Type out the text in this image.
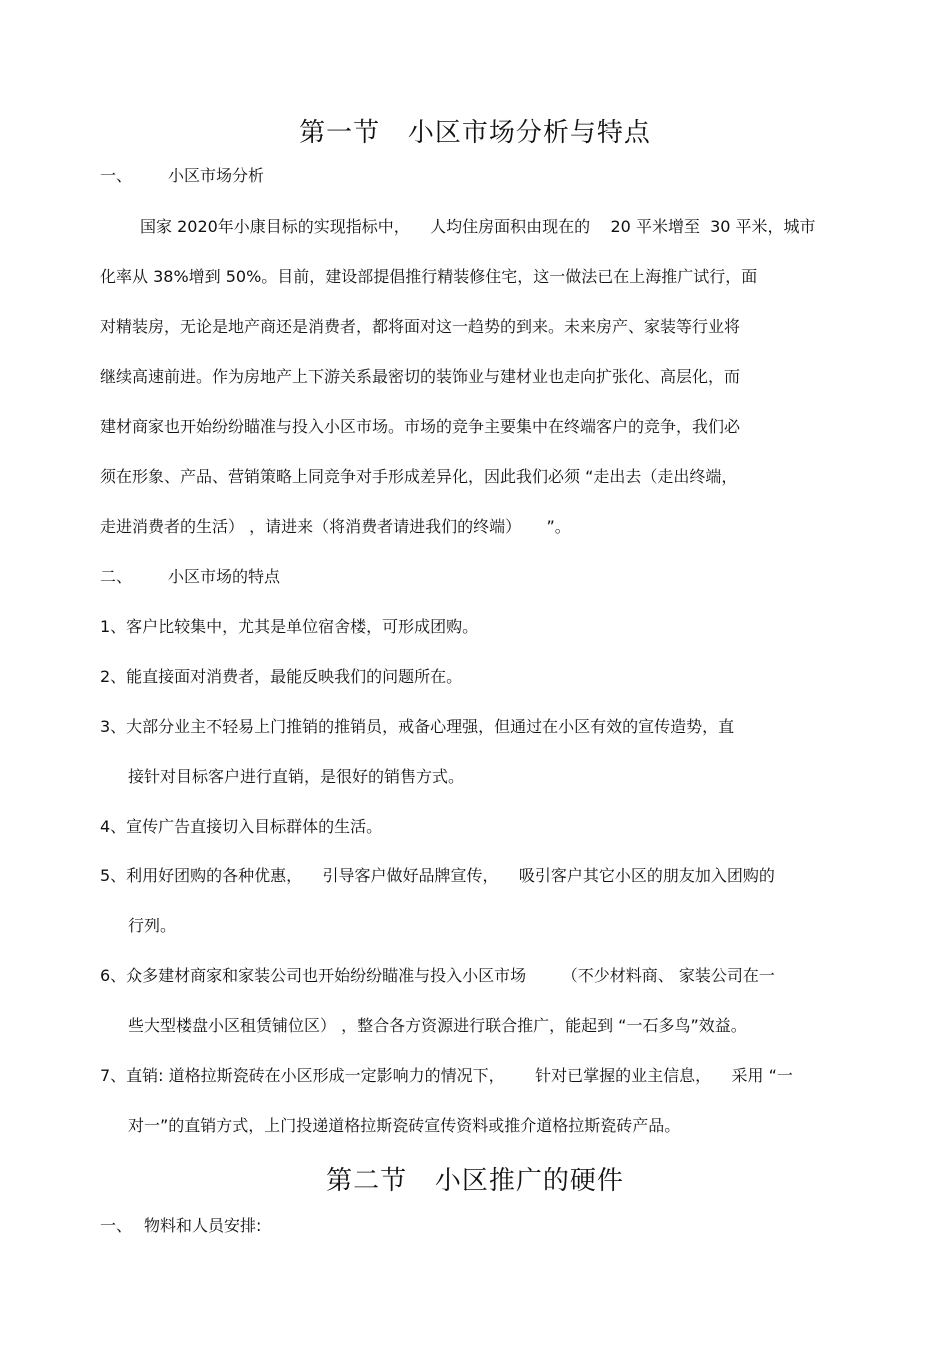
第一节   小区市场分析与特点
一、 小区市场分析
国家 2020年小康目标的实现指标中，    人均住房面积由现在的    20 平米增至  30 平米，城市
化率从 38%增到 50%。目前，建设部提倡推行精装修住宅，这一做法已在上海推广试行，面
对精装房，无论是地产商还是消费者，都将面对这一趋势的到来。未来房产、家装等行业将
继续高速前进。作为房地产上下游关系最密切的装饰业与建材业也走向扩张化、高层化，而
建材商家也开始纷纷瞄准与投入小区市场。市场的竞争主要集中在终端客户的竞争，我们必
须在形象、产品、营销策略上同竞争对手形成差异化，因此我们必须 “走出去（走出终端，
走进消费者的生活） ，请进来（将消费者请进我们的终端）     ”。
二、 小区市场的特点
1、客户比较集中，尤其是单位宿舍楼，可形成团购。
2、能直接面对消费者，最能反映我们的问题所在。
3、大部分业主不轻易上门推销的推销员，戒备心理强，但通过在小区有效的宣传造势，直
接针对目标客户进行直销，是很好的销售方式。
4、宣传广告直接切入目标群体的生活。
5、利用好团购的各种优惠，    引导客户做好品牌宣传，    吸引客户其它小区的朋友加入团购的
行列。
6、众多建材商家和家装公司也开始纷纷瞄准与投入小区市场       （不少材料商、 家装公司在一
些大型楼盘小区租赁铺位区） ，整合各方资源进行联合推广，能起到 “一石多鸟”效益。
7、直销: 道格拉斯瓷砖在小区形成一定影响力的情况下，      针对已掌握的业主信息，    采用 “一
对一”的直销方式，上门投递道格拉斯瓷砖宣传资料或推介道格拉斯瓷砖产品。
第二节   小区推广的硬件
一、 物料和人员安排:
